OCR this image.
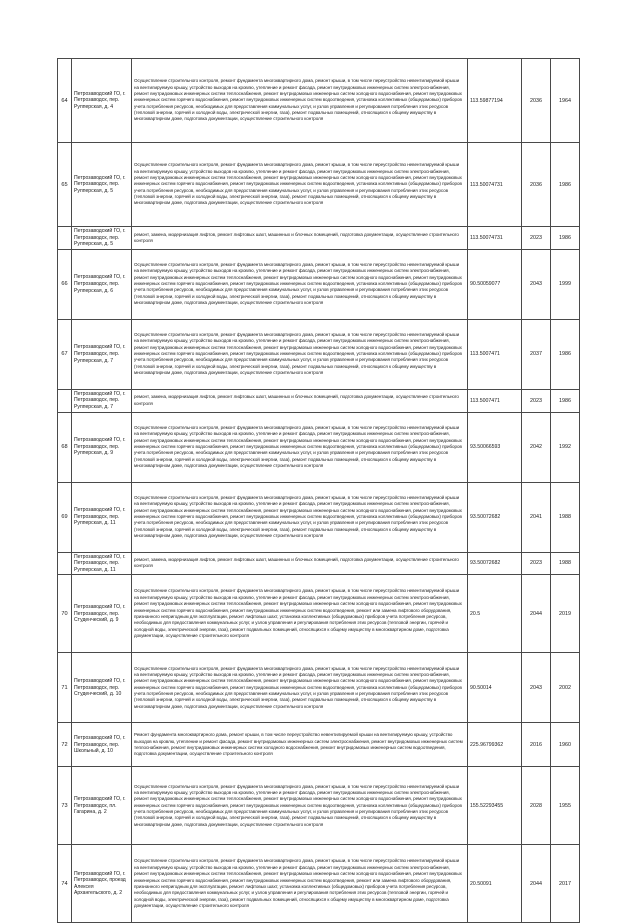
64	Петрозаводский ГО, г. Петрозаводск, пер. Рупперская, д. 4	Осуществление строительного контроля, ремонт фундамента многоквартирного дома, ремонт крыши, в том числе переустройство невентилируемой крыши на вентилируемую крышу, устройство выходов на кровлю, утепление и ремонт фасада, ремонт внутридомовых инженерных систем электроснабжения, ремонт внутридомовых инженерных систем теплоснабжения, ремонт внутридомовых инженерных систем холодного водоснабжения, ремонт внутридомовых инженерных систем горячего водоснабжения, ремонт внутридомовых инженерных систем водоотведения, установка коллективных (общедомовых) приборов учета потребления ресурсов, необходимых для предоставления коммунальных услуг, и узлов управления и регулирования потребления этих ресурсов (тепловой энергии, горячей и холодной воды, электрической энергии, газа), ремонт подвальных помещений, относящихся к общему имуществу в многоквартирном доме, подготовка документации, осуществление строительного контроля	113.59877194	2036	1964
65	Петрозаводский ГО, г. Петрозаводск, пер. Рупперская, д. 5	Осуществление строительного контроля, ремонт фундамента многоквартирного дома, ремонт крыши, в том числе переустройство невентилируемой крыши на вентилируемую крышу, устройство выходов на кровлю, утепление и ремонт фасада, ремонт внутридомовых инженерных систем электроснабжения, ремонт внутридомовых инженерных систем теплоснабжения, ремонт внутридомовых инженерных систем холодного водоснабжения, ремонт внутридомовых инженерных систем горячего водоснабжения, ремонт внутридомовых инженерных систем водоотведения, установка коллективных (общедомовых) приборов учета потребления ресурсов, необходимых для предоставления коммунальных услуг, и узлов управления и регулирования потребления этих ресурсов (тепловой энергии, горячей и холодной воды, электрической энергии, газа), ремонт подвальных помещений, относящихся к общему имуществу в многоквартирном доме, подготовка документации, осуществление строительного контроля	113.50074731	2036	1986
	Петрозаводский ГО, г. Петрозаводск, пер. Рупперская, д. 5	ремонт, замена, модернизация лифтов, ремонт лифтовых шахт, машинных и блочных помещений, подготовка документации, осуществление строительного контроля	113.50074731	2023	1986
66	Петрозаводский ГО, г. Петрозаводск, пер. Рупперская, д. 6	Осуществление строительного контроля, ремонт фундамента многоквартирного дома, ремонт крыши, в том числе переустройство невентилируемой крыши на вентилируемую крышу, устройство выходов на кровлю, утепление и ремонт фасада, ремонт внутридомовых инженерных систем электроснабжения, ремонт внутридомовых инженерных систем теплоснабжения, ремонт внутридомовых инженерных систем холодного водоснабжения, ремонт внутридомовых инженерных систем горячего водоснабжения, ремонт внутридомовых инженерных систем водоотведения, установка коллективных (общедомовых) приборов учета потребления ресурсов, необходимых для предоставления коммунальных услуг, и узлов управления и регулирования потребления этих ресурсов (тепловой энергии, горячей и холодной воды, электрической энергии, газа), ремонт подвальных помещений, относящихся к общему имуществу в многоквартирном доме, подготовка документации, осуществление строительного контроля	90.50059077	2043	1999
67	Петрозаводский ГО, г. Петрозаводск, пер. Рупперская, д. 7	Осуществление строительного контроля, ремонт фундамента многоквартирного дома, ремонт крыши, в том числе переустройство невентилируемой крыши на вентилируемую крышу, устройство выходов на кровлю, утепление и ремонт фасада, ремонт внутридомовых инженерных систем электроснабжения, ремонт внутридомовых инженерных систем теплоснабжения, ремонт внутридомовых инженерных систем холодного водоснабжения, ремонт внутридомовых инженерных систем горячего водоснабжения, ремонт внутридомовых инженерных систем водоотведения, установка коллективных (общедомовых) приборов учета потребления ресурсов, необходимых для предоставления коммунальных услуг, и узлов управления и регулирования потребления этих ресурсов (тепловой энергии, горячей и холодной воды, электрической энергии, газа), ремонт подвальных помещений, относящихся к общему имуществу в многоквартирном доме, подготовка документации, осуществление строительного контроля	113.5007471	2037	1986
	Петрозаводский ГО, г. Петрозаводск, пер. Рупперская, д. 7	ремонт, замена, модернизация лифтов, ремонт лифтовых шахт, машинных и блочных помещений, подготовка документации, осуществление строительного контроля	113.5007471	2023	1986
68	Петрозаводский ГО, г. Петрозаводск, пер. Рупперская, д. 9	Осуществление строительного контроля, ремонт фундамента многоквартирного дома, ремонт крыши, в том числе переустройство невентилируемой крыши на вентилируемую крышу, устройство выходов на кровлю, утепление и ремонт фасада, ремонт внутридомовых инженерных систем электроснабжения, ремонт внутридомовых инженерных систем теплоснабжения, ремонт внутридомовых инженерных систем холодного водоснабжения, ремонт внутридомовых инженерных систем горячего водоснабжения, ремонт внутридомовых инженерных систем водоотведения, установка коллективных (общедомовых) приборов учета потребления ресурсов, необходимых для предоставления коммунальных услуг, и узлов управления и регулирования потребления этих ресурсов (тепловой энергии, горячей и холодной воды, электрической энергии, газа), ремонт подвальных помещений, относящихся к общему имуществу в многоквартирном доме, подготовка документации, осуществление строительного контроля	93.50066593	2042	1992
69	Петрозаводский ГО, г. Петрозаводск, пер. Рупперская, д. 11	Осуществление строительного контроля, ремонт фундамента многоквартирного дома, ремонт крыши, в том числе переустройство невентилируемой крыши на вентилируемую крышу, устройство выходов на кровлю, утепление и ремонт фасада, ремонт внутридомовых инженерных систем электроснабжения, ремонт внутридомовых инженерных систем теплоснабжения, ремонт внутридомовых инженерных систем холодного водоснабжения, ремонт внутридомовых инженерных систем горячего водоснабжения, ремонт внутридомовых инженерных систем водоотведения, установка коллективных (общедомовых) приборов учета потребления ресурсов, необходимых для предоставления коммунальных услуг, и узлов управления и регулирования потребления этих ресурсов (тепловой энергии, горячей и холодной воды, электрической энергии, газа), ремонт подвальных помещений, относящихся к общему имуществу в многоквартирном доме, подготовка документации, осуществление строительного контроля	93.50072682	2041	1988
	Петрозаводский ГО, г. Петрозаводск, пер. Рупперская, д. 11	ремонт, замена, модернизация лифтов, ремонт лифтовых шахт, машинных и блочных помещений, подготовка документации, осуществление строительного контроля	93.50072682	2023	1988
70	Петрозаводский ГО, г. Петрозаводск, пер. Студенческий, д. 9	Осуществление строительного контроля, ремонт фундамента многоквартирного дома, ремонт крыши, в том числе переустройство невентилируемой крыши на вентилируемую крышу, устройство выходов на кровлю, утепление и ремонт фасада, ремонт внутридомовых инженерных систем электроснабжения, ремонт внутридомовых инженерных систем теплоснабжения, ремонт внутридомовых инженерных систем холодного водоснабжения, ремонт внутридомовых инженерных систем горячего водоснабжения, ремонт внутридомовых инженерных систем водоотведения, ремонт или замена лифтового оборудования, признанного непригодным для эксплуатации, ремонт лифтовых шахт, установка коллективных (общедомовых) приборов учета потребления ресурсов, необходимых для предоставления коммунальных услуг, и узлов управления и регулирования потребления этих ресурсов (тепловой энергии, горячей и холодной воды, электрической энергии, газа), ремонт подвальных помещений, относящихся к общему имуществу в многоквартирном доме, подготовка документации, осуществление строительного контроля	20.5	2044	2019
71	Петрозаводский ГО, г. Петрозаводск, пер. Студенческий, д. 10	Осуществление строительного контроля, ремонт фундамента многоквартирного дома, ремонт крыши, в том числе переустройство невентилируемой крыши на вентилируемую крышу, устройство выходов на кровлю, утепление и ремонт фасада, ремонт внутридомовых инженерных систем электроснабжения, ремонт внутридомовых инженерных систем теплоснабжения, ремонт внутридомовых инженерных систем холодного водоснабжения, ремонт внутридомовых инженерных систем горячего водоснабжения, ремонт внутридомовых инженерных систем водоотведения, установка коллективных (общедомовых) приборов учета потребления ресурсов, необходимых для предоставления коммунальных услуг, и узлов управления и регулирования потребления этих ресурсов (тепловой энергии, горячей и холодной воды, электрической энергии, газа), ремонт подвальных помещений, относящихся к общему имуществу в многоквартирном доме, подготовка документации, осуществление строительного контроля	90.50014	2043	2002
72	Петрозаводский ГО, г. Петрозаводск, пер. Школьный, д. 10	Ремонт фундамента многоквартирного дома, ремонт крыши, в том числе переустройство невентилируемой крыши на вентилируемую крышу, устройство выходов на кровлю, утепление и ремонт фасада, ремонт внутридомовых инженерных систем электроснабжения, ремонт внутридомовых инженерных систем теплоснабжения, ремонт внутридомовых инженерных систем холодного водоснабжения, ремонт внутридомовых инженерных систем водоотведения, подготовка документации, осуществление строительного контроля	225.96799362	2016	1960
73	Петрозаводский ГО, г. Петрозаводск, пл. Гагарина, д. 2	Осуществление строительного контроля, ремонт фундамента многоквартирного дома, ремонт крыши, в том числе переустройство невентилируемой крыши на вентилируемую крышу, устройство выходов на кровлю, утепление и ремонт фасада, ремонт внутридомовых инженерных систем электроснабжения, ремонт внутридомовых инженерных систем теплоснабжения, ремонт внутридомовых инженерных систем холодного водоснабжения, ремонт внутридомовых инженерных систем горячего водоснабжения, ремонт внутридомовых инженерных систем водоотведения, установка коллективных (общедомовых) приборов учета потребления ресурсов, необходимых для предоставления коммунальных услуг, и узлов управления и регулирования потребления этих ресурсов (тепловой энергии, горячей и холодной воды, электрической энергии, газа), ремонт подвальных помещений, относящихся к общему имуществу в многоквартирном доме, подготовка документации, осуществление строительного контроля	155.52293455	2028	1955
74	Петрозаводский ГО, г. Петрозаводск, проезд Алексея Архангельского, д. 2	Осуществление строительного контроля, ремонт фундамента многоквартирного дома, ремонт крыши, в том числе переустройство невентилируемой крыши на вентилируемую крышу, устройство выходов на кровлю, утепление и ремонт фасада, ремонт внутридомовых инженерных систем электроснабжения, ремонт внутридомовых инженерных систем теплоснабжения, ремонт внутридомовых инженерных систем холодного водоснабжения, ремонт внутридомовых инженерных систем горячего водоснабжения, ремонт внутридомовых инженерных систем водоотведения, ремонт или замена лифтового оборудования, признанного непригодным для эксплуатации, ремонт лифтовых шахт, установка коллективных (общедомовых) приборов учета потребления ресурсов, необходимых для предоставления коммунальных услуг, и узлов управления и регулирования потребления этих ресурсов (тепловой энергии, горячей и холодной воды, электрической энергии, газа), ремонт подвальных помещений, относящихся к общему имуществу в многоквартирном доме, подготовка документации, осуществление строительного контроля	20.50091	2044	2017
